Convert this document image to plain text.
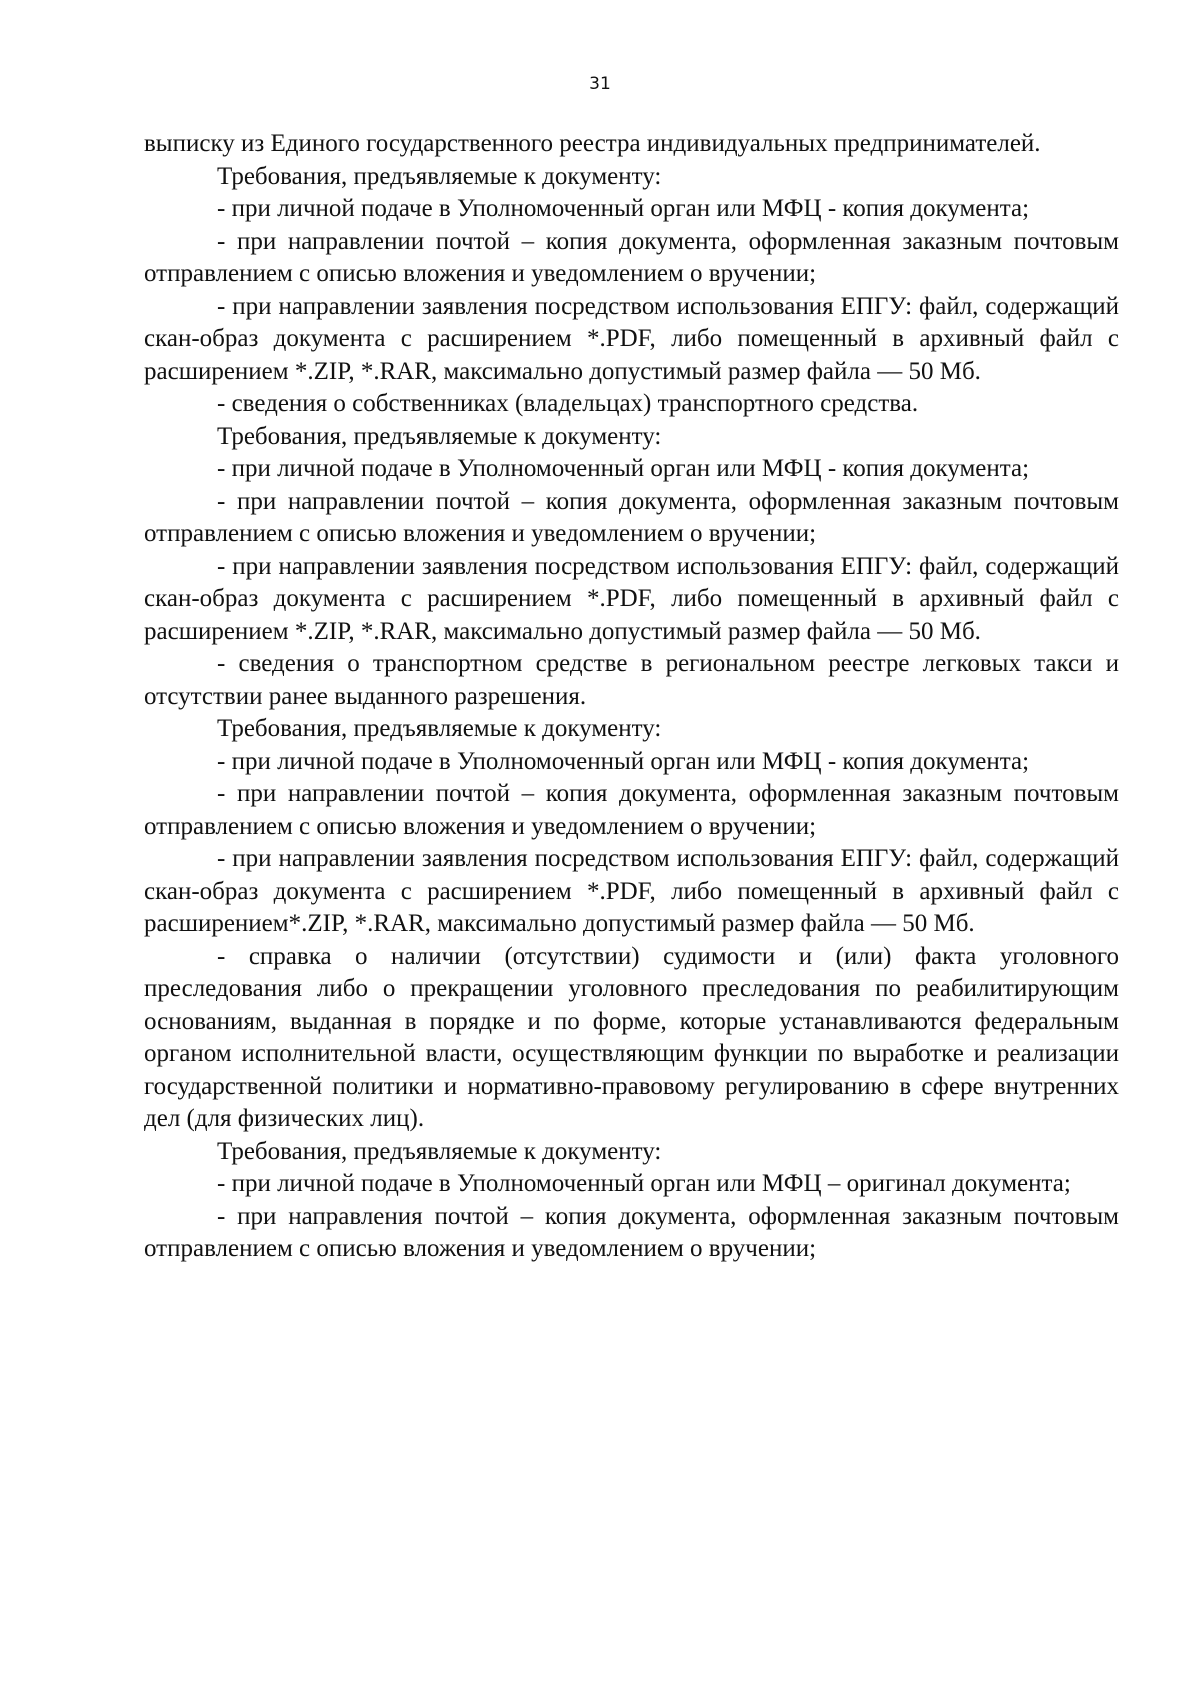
31

выписку из Единого государственного реестра индивидуальных предпринимателей.

Требования, предъявляемые к документу:

- при личной подаче в Уполномоченный орган или МФЦ - копия документа;

- при направлении почтой – копия документа, оформленная заказным почтовым отправлением с описью вложения и уведомлением о вручении;

- при направлении заявления посредством использования ЕПГУ: файл, содержащий скан-образ документа с расширением *.PDF, либо помещенный в архивный файл с расширением *.ZIP, *.RAR, максимально допустимый размер файла — 50 Мб.

- сведения о собственниках (владельцах) транспортного средства.

Требования, предъявляемые к документу:

- при личной подаче в Уполномоченный орган или МФЦ - копия документа;

- при направлении почтой – копия документа, оформленная заказным почтовым отправлением с описью вложения и уведомлением о вручении;

- при направлении заявления посредством использования ЕПГУ: файл, содержащий скан-образ документа с расширением *.PDF, либо помещенный в архивный файл с расширением *.ZIP, *.RAR, максимально допустимый размер файла — 50 Мб.

- сведения о транспортном средстве в региональном реестре легковых такси и отсутствии ранее выданного разрешения.

Требования, предъявляемые к документу:

- при личной подаче в Уполномоченный орган или МФЦ - копия документа;

- при направлении почтой – копия документа, оформленная заказным почтовым отправлением с описью вложения и уведомлением о вручении;

- при направлении заявления посредством использования ЕПГУ: файл, содержащий скан-образ документа с расширением *.PDF, либо помещенный в архивный файл с расширением*.ZIP, *.RAR, максимально допустимый размер файла — 50 Мб.

- справка о наличии (отсутствии) судимости и (или) факта уголовного преследования либо о прекращении уголовного преследования по реабилитирующим основаниям, выданная в порядке и по форме, которые устанавливаются федеральным органом исполнительной власти, осуществляющим функции по выработке и реализации государственной политики и нормативно-правовому регулированию в сфере внутренних дел (для физических лиц).

Требования, предъявляемые к документу:

- при личной подаче в Уполномоченный орган или МФЦ – оригинал документа;

- при направления почтой – копия документа, оформленная заказным почтовым отправлением с описью вложения и уведомлением о вручении;
